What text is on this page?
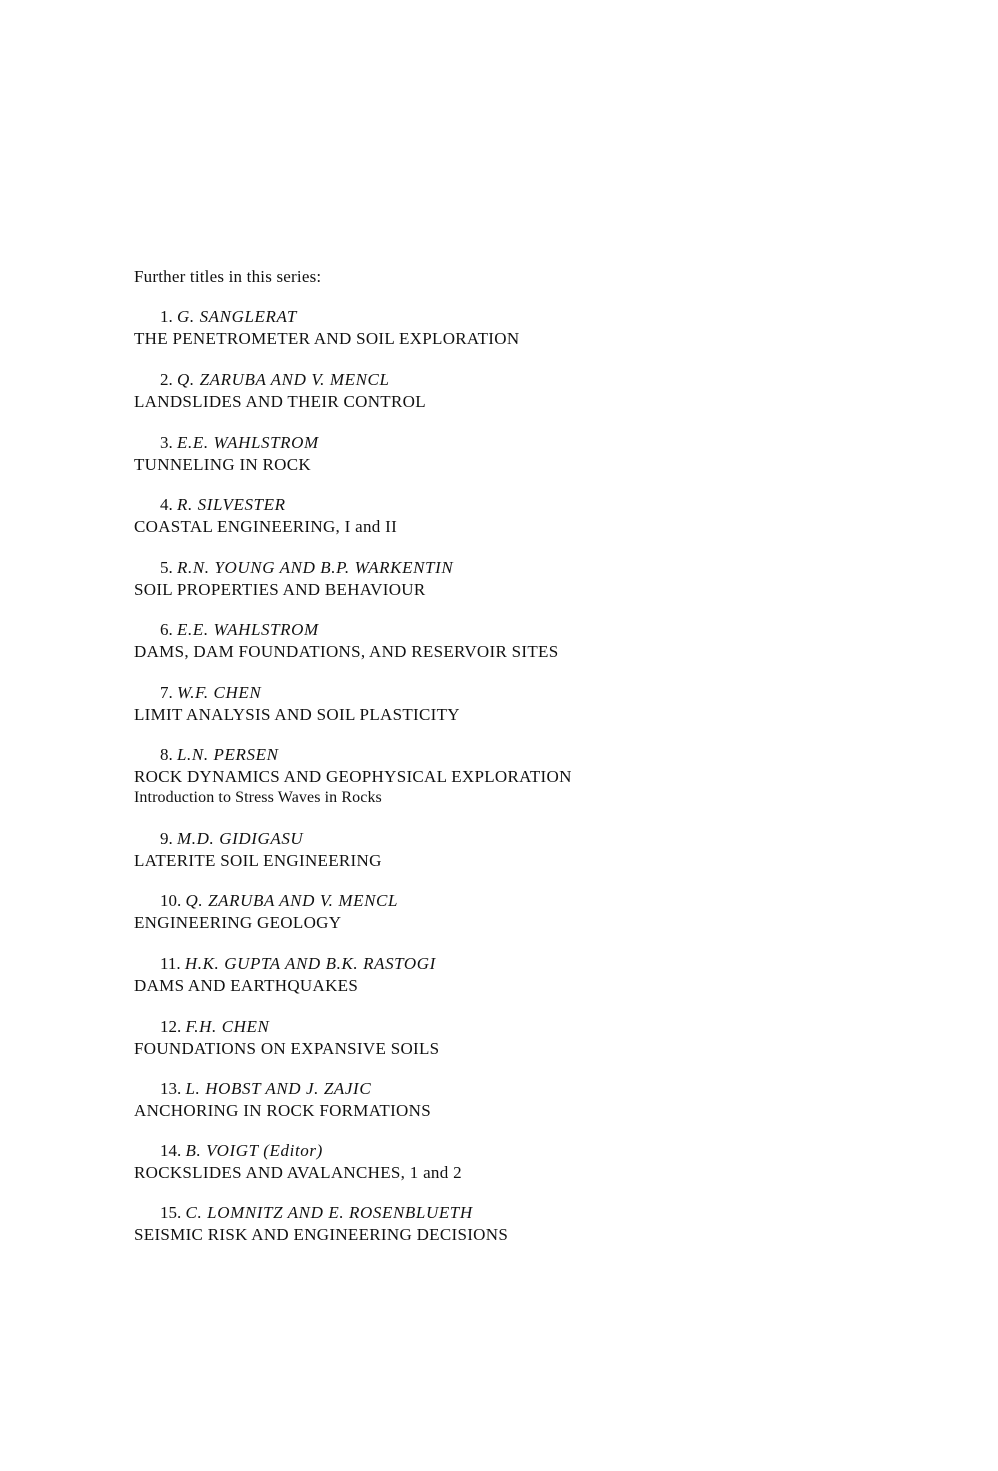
Further titles in this series:

1. G. SANGLERAT
THE PENETROMETER AND SOIL EXPLORATION
2. Q. ZARUBA AND V. MENCL
LANDSLIDES AND THEIR CONTROL
3. E.E. WAHLSTROM
TUNNELING IN ROCK
4. R. SILVESTER
COASTAL ENGINEERING, I and II
5. R.N. YOUNG AND B.P. WARKENTIN
SOIL PROPERTIES AND BEHAVIOUR
6. E.E. WAHLSTROM
DAMS, DAM FOUNDATIONS, AND RESERVOIR SITES
7. W.F. CHEN
LIMIT ANALYSIS AND SOIL PLASTICITY
8. L.N. PERSEN
ROCK DYNAMICS AND GEOPHYSICAL EXPLORATION
Introduction to Stress Waves in Rocks
9. M.D. GIDIGASU
LATERITE SOIL ENGINEERING
10. Q. ZARUBA AND V. MENCL
ENGINEERING GEOLOGY
11. H.K. GUPTA AND B.K. RASTOGI
DAMS AND EARTHQUAKES
12. F.H. CHEN
FOUNDATIONS ON EXPANSIVE SOILS
13. L. HOBST AND J. ZAJIC
ANCHORING IN ROCK FORMATIONS
14. B. VOIGT (Editor)
ROCKSLIDES AND AVALANCHES, 1 and 2
15. C. LOMNITZ AND E. ROSENBLUETH
SEISMIC RISK AND ENGINEERING DECISIONS
